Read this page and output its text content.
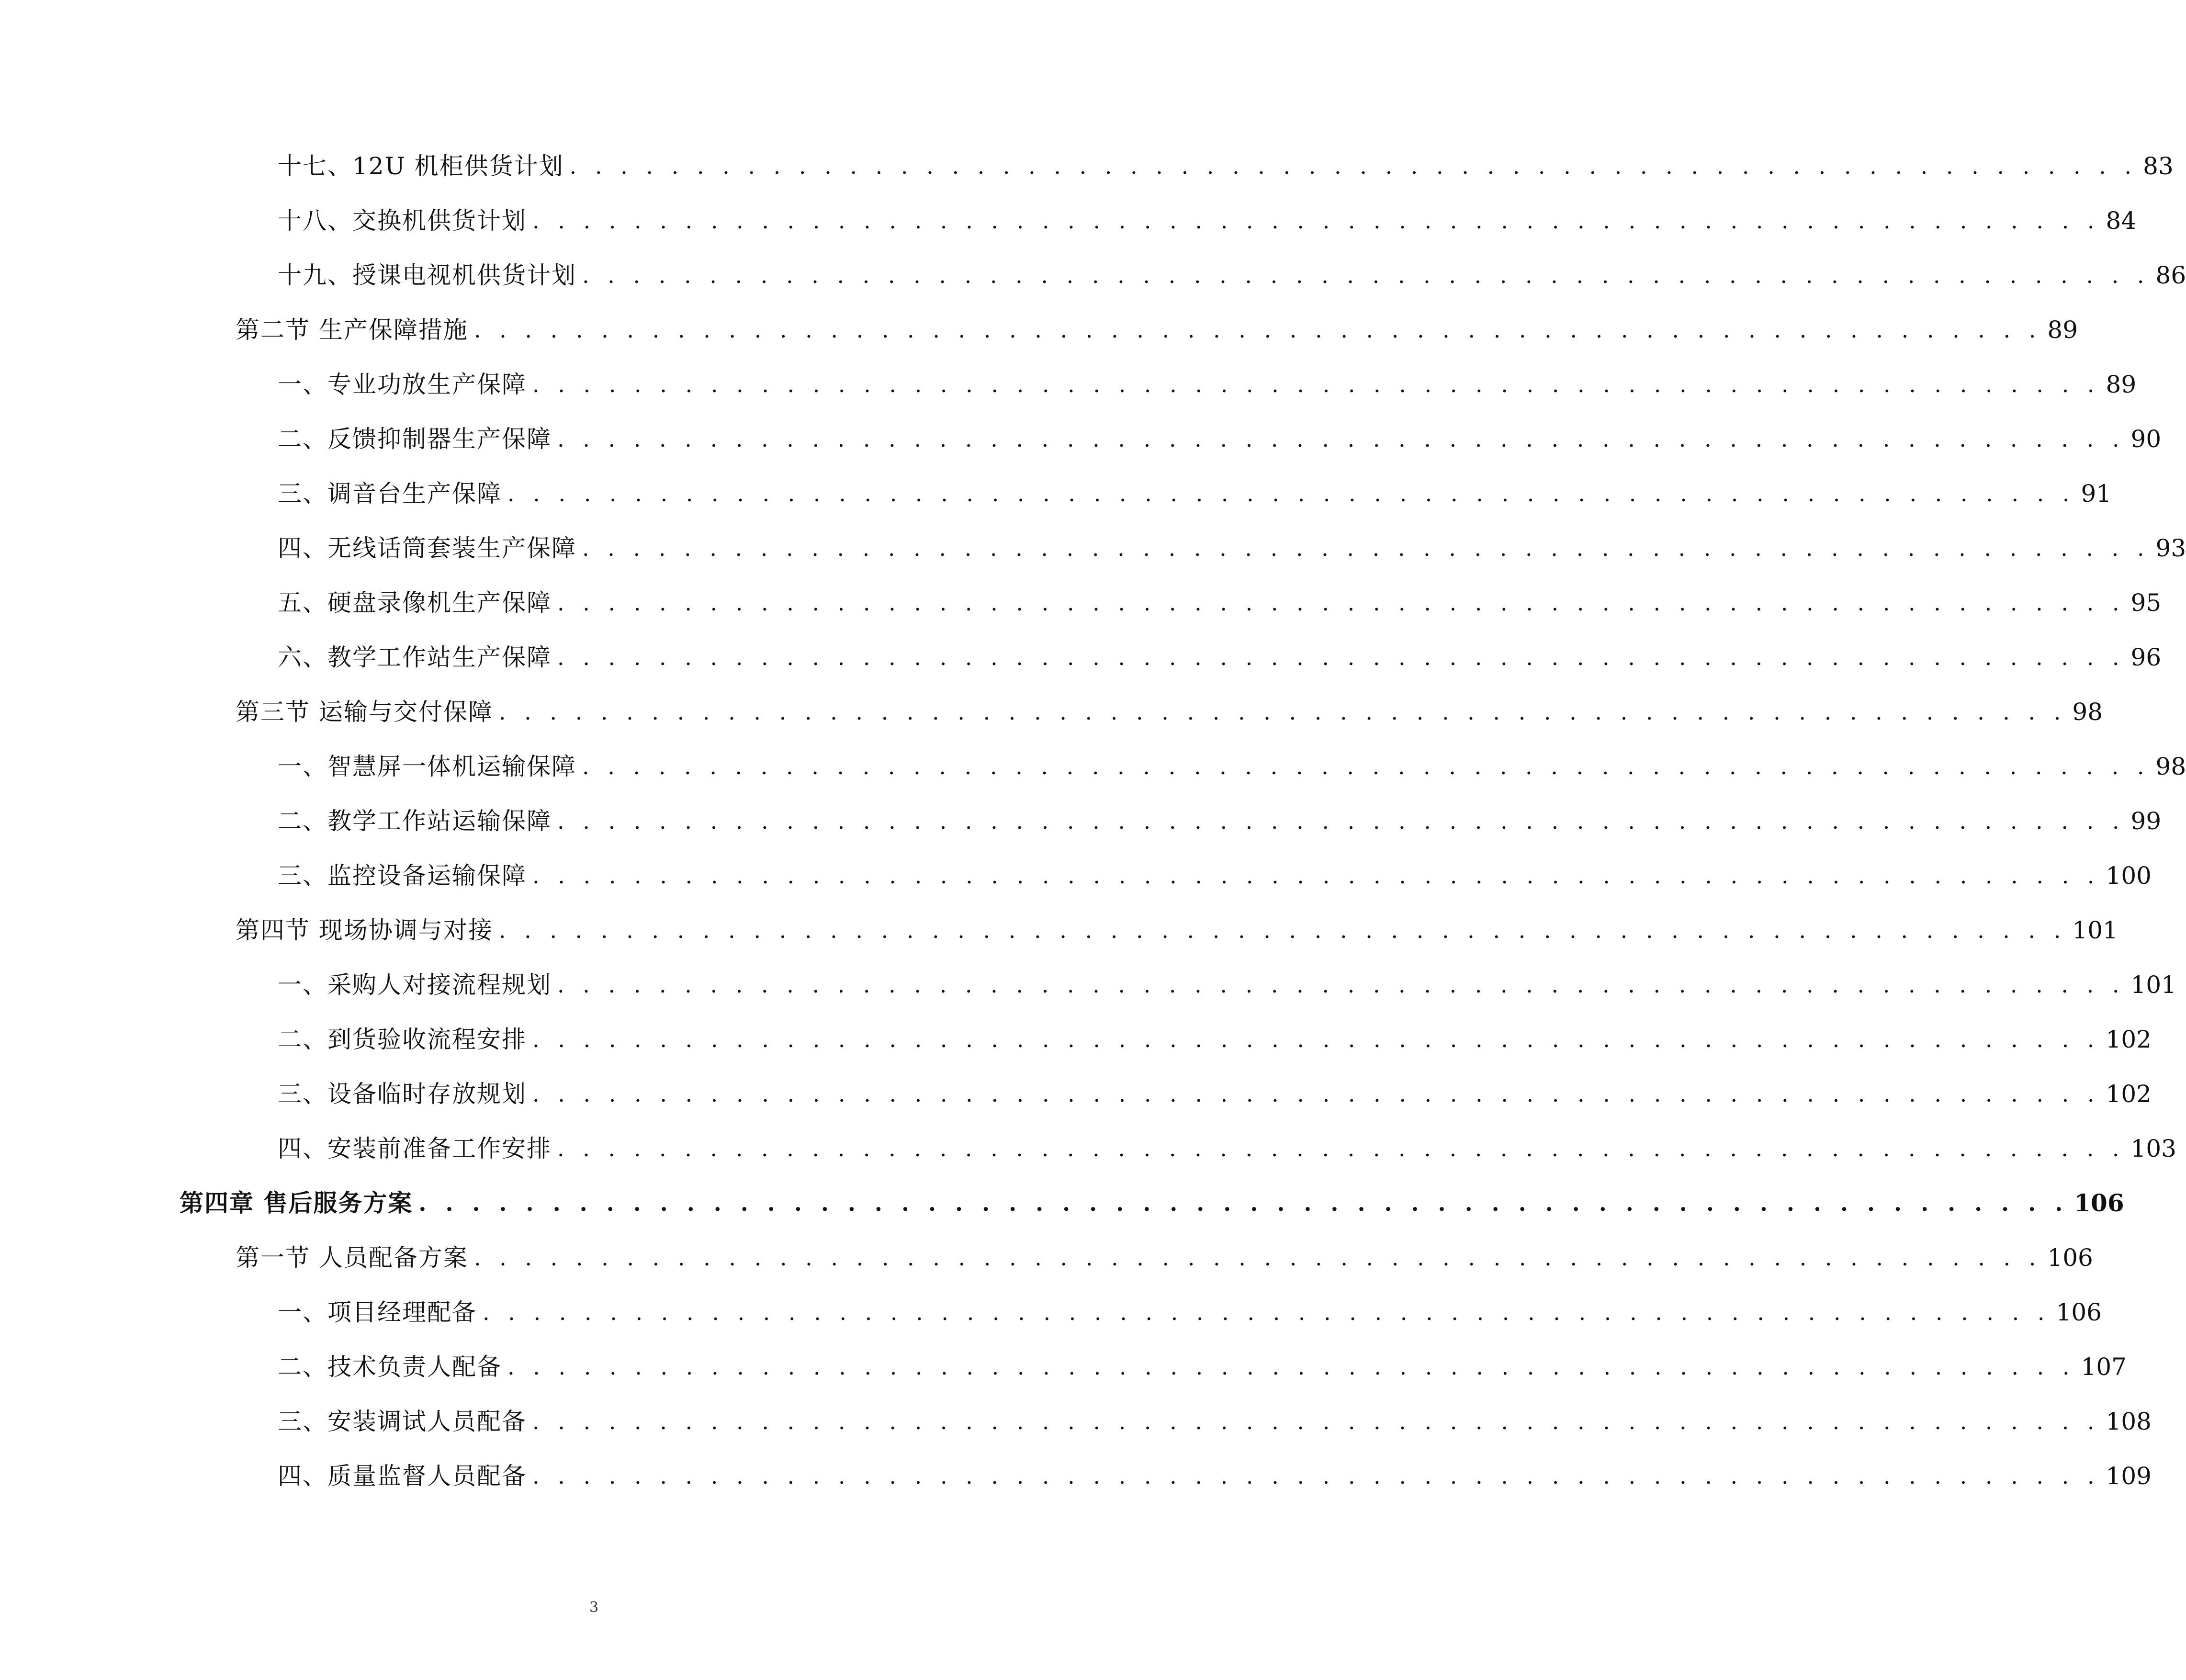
十七、12U 机柜供货计划 . . . . . . . . . . . . . . . . . . . . . . . . . . . . . . . . . . . . . . . . . . . . . . . . . . . . . . . . . . . . . . 83
十八、交换机供货计划 . . . . . . . . . . . . . . . . . . . . . . . . . . . . . . . . . . . . . . . . . . . . . . . . . . . . . . . . . . . . . . 84
十九、授课电视机供货计划 . . . . . . . . . . . . . . . . . . . . . . . . . . . . . . . . . . . . . . . . . . . . . . . . . . . . . . . . . . . . . . 86
第二节 生产保障措施 . . . . . . . . . . . . . . . . . . . . . . . . . . . . . . . . . . . . . . . . . . . . . . . . . . . . . . . . . . . . . . 89
一、专业功放生产保障 . . . . . . . . . . . . . . . . . . . . . . . . . . . . . . . . . . . . . . . . . . . . . . . . . . . . . . . . . . . . . . 89
二、反馈抑制器生产保障 . . . . . . . . . . . . . . . . . . . . . . . . . . . . . . . . . . . . . . . . . . . . . . . . . . . . . . . . . . . . . . 90
三、调音台生产保障 . . . . . . . . . . . . . . . . . . . . . . . . . . . . . . . . . . . . . . . . . . . . . . . . . . . . . . . . . . . . . . 91
四、无线话筒套装生产保障 . . . . . . . . . . . . . . . . . . . . . . . . . . . . . . . . . . . . . . . . . . . . . . . . . . . . . . . . . . . . . . 93
五、硬盘录像机生产保障 . . . . . . . . . . . . . . . . . . . . . . . . . . . . . . . . . . . . . . . . . . . . . . . . . . . . . . . . . . . . . . 95
六、教学工作站生产保障 . . . . . . . . . . . . . . . . . . . . . . . . . . . . . . . . . . . . . . . . . . . . . . . . . . . . . . . . . . . . . . 96
第三节 运输与交付保障 . . . . . . . . . . . . . . . . . . . . . . . . . . . . . . . . . . . . . . . . . . . . . . . . . . . . . . . . . . . . . . 98
一、智慧屏一体机运输保障 . . . . . . . . . . . . . . . . . . . . . . . . . . . . . . . . . . . . . . . . . . . . . . . . . . . . . . . . . . . . . . 98
二、教学工作站运输保障 . . . . . . . . . . . . . . . . . . . . . . . . . . . . . . . . . . . . . . . . . . . . . . . . . . . . . . . . . . . . . . 99
三、监控设备运输保障 . . . . . . . . . . . . . . . . . . . . . . . . . . . . . . . . . . . . . . . . . . . . . . . . . . . . . . . . . . . . . . 100
第四节 现场协调与对接 . . . . . . . . . . . . . . . . . . . . . . . . . . . . . . . . . . . . . . . . . . . . . . . . . . . . . . . . . . . . . . 101
一、采购人对接流程规划 . . . . . . . . . . . . . . . . . . . . . . . . . . . . . . . . . . . . . . . . . . . . . . . . . . . . . . . . . . . . . . 101
二、到货验收流程安排 . . . . . . . . . . . . . . . . . . . . . . . . . . . . . . . . . . . . . . . . . . . . . . . . . . . . . . . . . . . . . . 102
三、设备临时存放规划 . . . . . . . . . . . . . . . . . . . . . . . . . . . . . . . . . . . . . . . . . . . . . . . . . . . . . . . . . . . . . . 102
四、安装前准备工作安排 . . . . . . . . . . . . . . . . . . . . . . . . . . . . . . . . . . . . . . . . . . . . . . . . . . . . . . . . . . . . . . 103
第四章 售后服务方案 . . . . . . . . . . . . . . . . . . . . . . . . . . . . . . . . . . . . . . . . . . . . . . . . . . . . . . . . . . . . . . 106
第一节 人员配备方案 . . . . . . . . . . . . . . . . . . . . . . . . . . . . . . . . . . . . . . . . . . . . . . . . . . . . . . . . . . . . . . 106
一、项目经理配备 . . . . . . . . . . . . . . . . . . . . . . . . . . . . . . . . . . . . . . . . . . . . . . . . . . . . . . . . . . . . . . 106
二、技术负责人配备 . . . . . . . . . . . . . . . . . . . . . . . . . . . . . . . . . . . . . . . . . . . . . . . . . . . . . . . . . . . . . . 107
三、安装调试人员配备 . . . . . . . . . . . . . . . . . . . . . . . . . . . . . . . . . . . . . . . . . . . . . . . . . . . . . . . . . . . . . . 108
四、质量监督人员配备 . . . . . . . . . . . . . . . . . . . . . . . . . . . . . . . . . . . . . . . . . . . . . . . . . . . . . . . . . . . . . . 109
3
